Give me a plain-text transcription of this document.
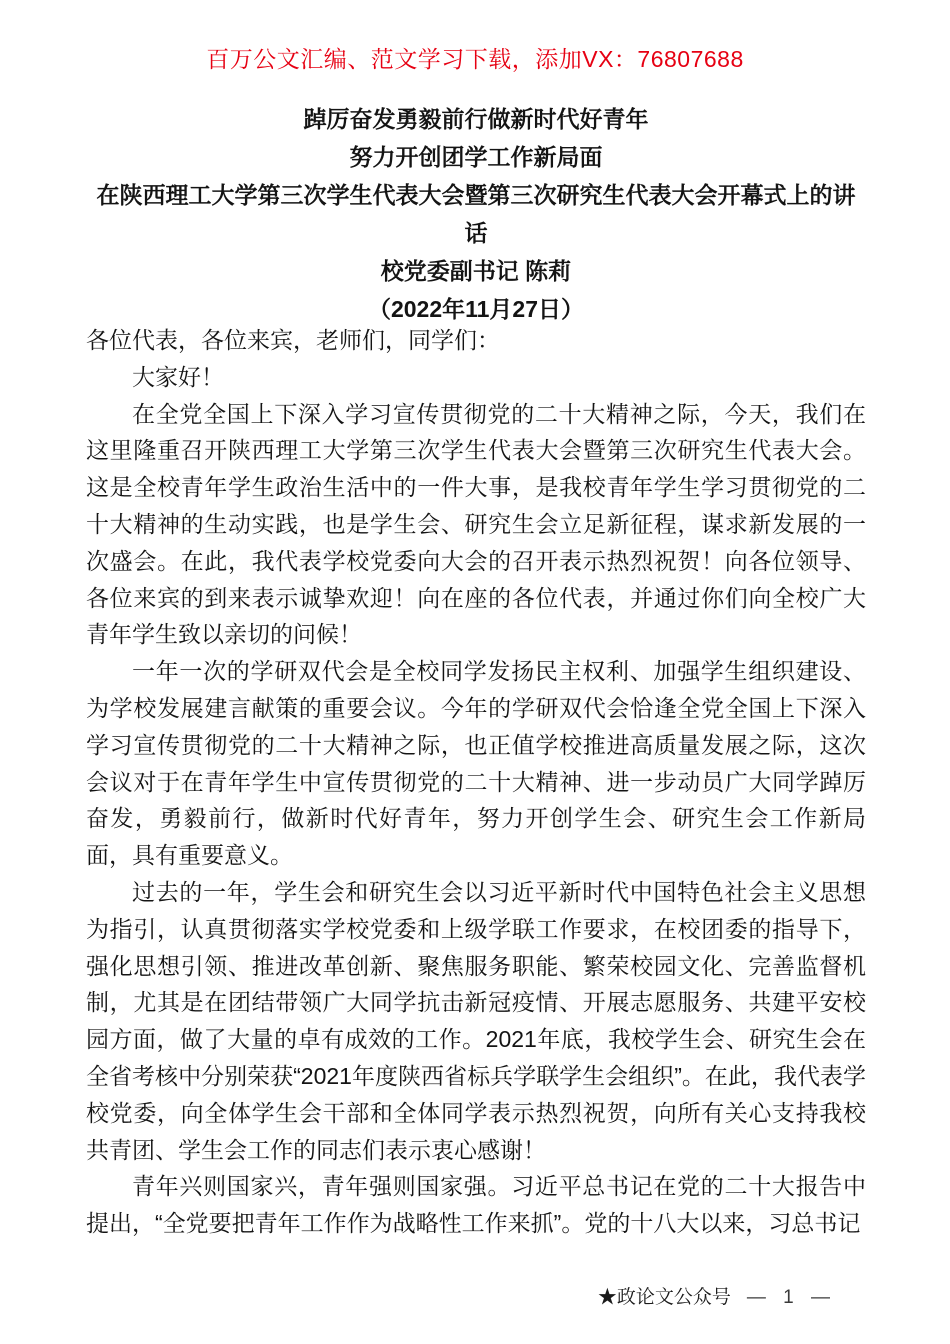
百万公文汇编、范文学习下载，添加VX：76807688
踔厉奋发勇毅前行做新时代好青年
努力开创团学工作新局面
在陕西理工大学第三次学生代表大会暨第三次研究生代表大会开幕式上的讲话
校党委副书记 陈莉
（2022年11月27日）

各位代表，各位来宾，老师们，同学们：

大家好！

在全党全国上下深入学习宣传贯彻党的二十大精神之际，今天，我们在这里隆重召开陕西理工大学第三次学生代表大会暨第三次研究生代表大会。这是全校青年学生政治生活中的一件大事，是我校青年学生学习贯彻党的二十大精神的生动实践，也是学生会、研究生会立足新征程，谋求新发展的一次盛会。在此，我代表学校党委向大会的召开表示热烈祝贺！向各位领导、各位来宾的到来表示诚挚欢迎！向在座的各位代表，并通过你们向全校广大青年学生致以亲切的问候！

一年一次的学研双代会是全校同学发扬民主权利、加强学生组织建设、为学校发展建言献策的重要会议。今年的学研双代会恰逢全党全国上下深入学习宣传贯彻党的二十大精神之际，也正值学校推进高质量发展之际，这次会议对于在青年学生中宣传贯彻党的二十大精神、进一步动员广大同学踔厉奋发，勇毅前行，做新时代好青年，努力开创学生会、研究生会工作新局面，具有重要意义。

过去的一年，学生会和研究生会以习近平新时代中国特色社会主义思想为指引，认真贯彻落实学校党委和上级学联工作要求，在校团委的指导下，强化思想引领、推进改革创新、聚焦服务职能、繁荣校园文化、完善监督机制，尤其是在团结带领广大同学抗击新冠疫情、开展志愿服务、共建平安校园方面，做了大量的卓有成效的工作。2021年底，我校学生会、研究生会在全省考核中分别荣获“2021年度陕西省标兵学联学生会组织”。在此，我代表学校党委，向全体学生会干部和全体同学表示热烈祝贺，向所有关心支持我校共青团、学生会工作的同志们表示衷心感谢！

青年兴则国家兴，青年强则国家强。习近平总书记在党的二十大报告中提出，“全党要把青年工作作为战略性工作来抓”。党的十八大以来，习总书记

★政论文公众号 — 1 —
